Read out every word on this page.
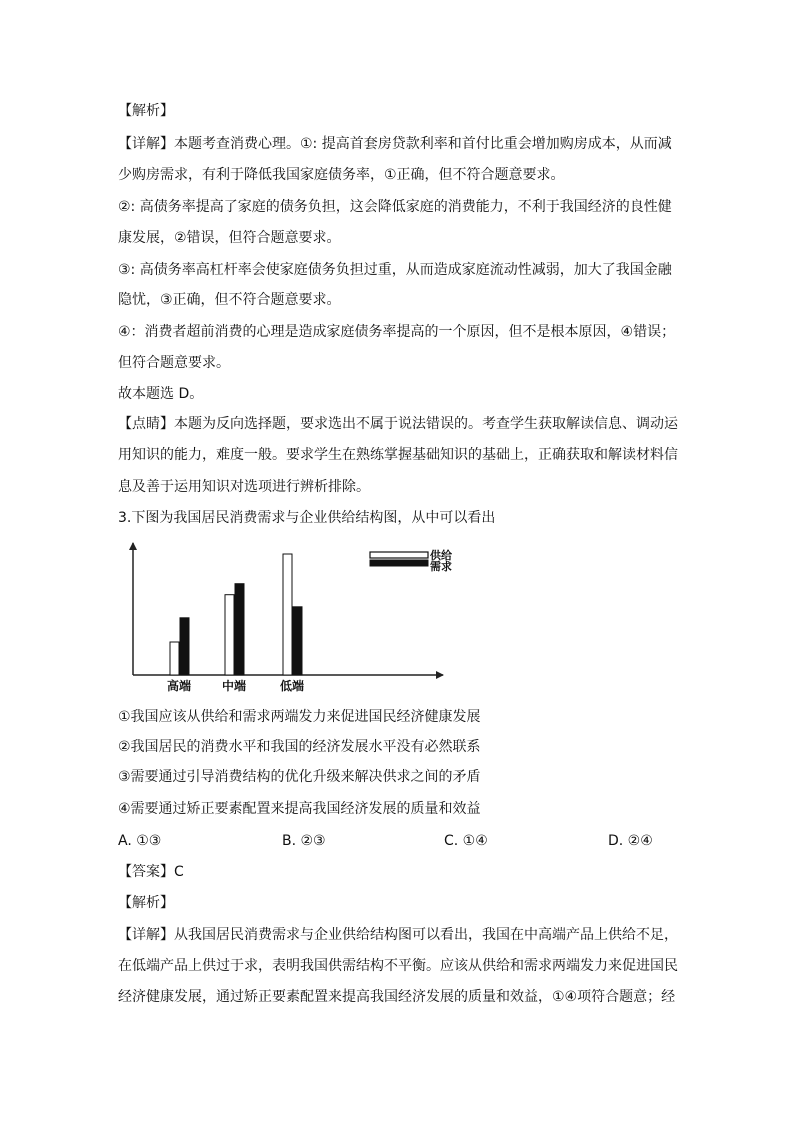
【解析】
【详解】本题考查消费心理。①: 提高首套房贷款利率和首付比重会增加购房成本，从而减
少购房需求，有利于降低我国家庭债务率，①正确，但不符合题意要求。
②: 高债务率提高了家庭的债务负担，这会降低家庭的消费能力，不利于我国经济的良性健
康发展，②错误，但符合题意要求。
③: 高债务率高杠杆率会使家庭债务负担过重，从而造成家庭流动性减弱，加大了我国金融
隐忧，③正确，但不符合题意要求。
④：消费者超前消费的心理是造成家庭债务率提高的一个原因，但不是根本原因，④错误；
但符合题意要求。
故本题选 D。
【点睛】本题为反向选择题，要求选出不属于说法错误的。考查学生获取解读信息、调动运
用知识的能力，难度一般。要求学生在熟练掌握基础知识的基础上，正确获取和解读材料信
息及善于运用知识对选项进行辨析排除。
3.下图为我国居民消费需求与企业供给结构图，从中可以看出
高端	中端	低端
供给
需求
①我国应该从供给和需求两端发力来促进国民经济健康发展
②我国居民的消费水平和我国的经济发展水平没有必然联系
③需要通过引导消费结构的优化升级来解决供求之间的矛盾
④需要通过矫正要素配置来提高我国经济发展的质量和效益
A. ①③	B. ②③	C. ①④	D. ②④
【答案】C
【解析】
【详解】从我国居民消费需求与企业供给结构图可以看出，我国在中高端产品上供给不足，
在低端产品上供过于求，表明我国供需结构不平衡。应该从供给和需求两端发力来促进国民
经济健康发展，通过矫正要素配置来提高我国经济发展的质量和效益，①④项符合题意；经
